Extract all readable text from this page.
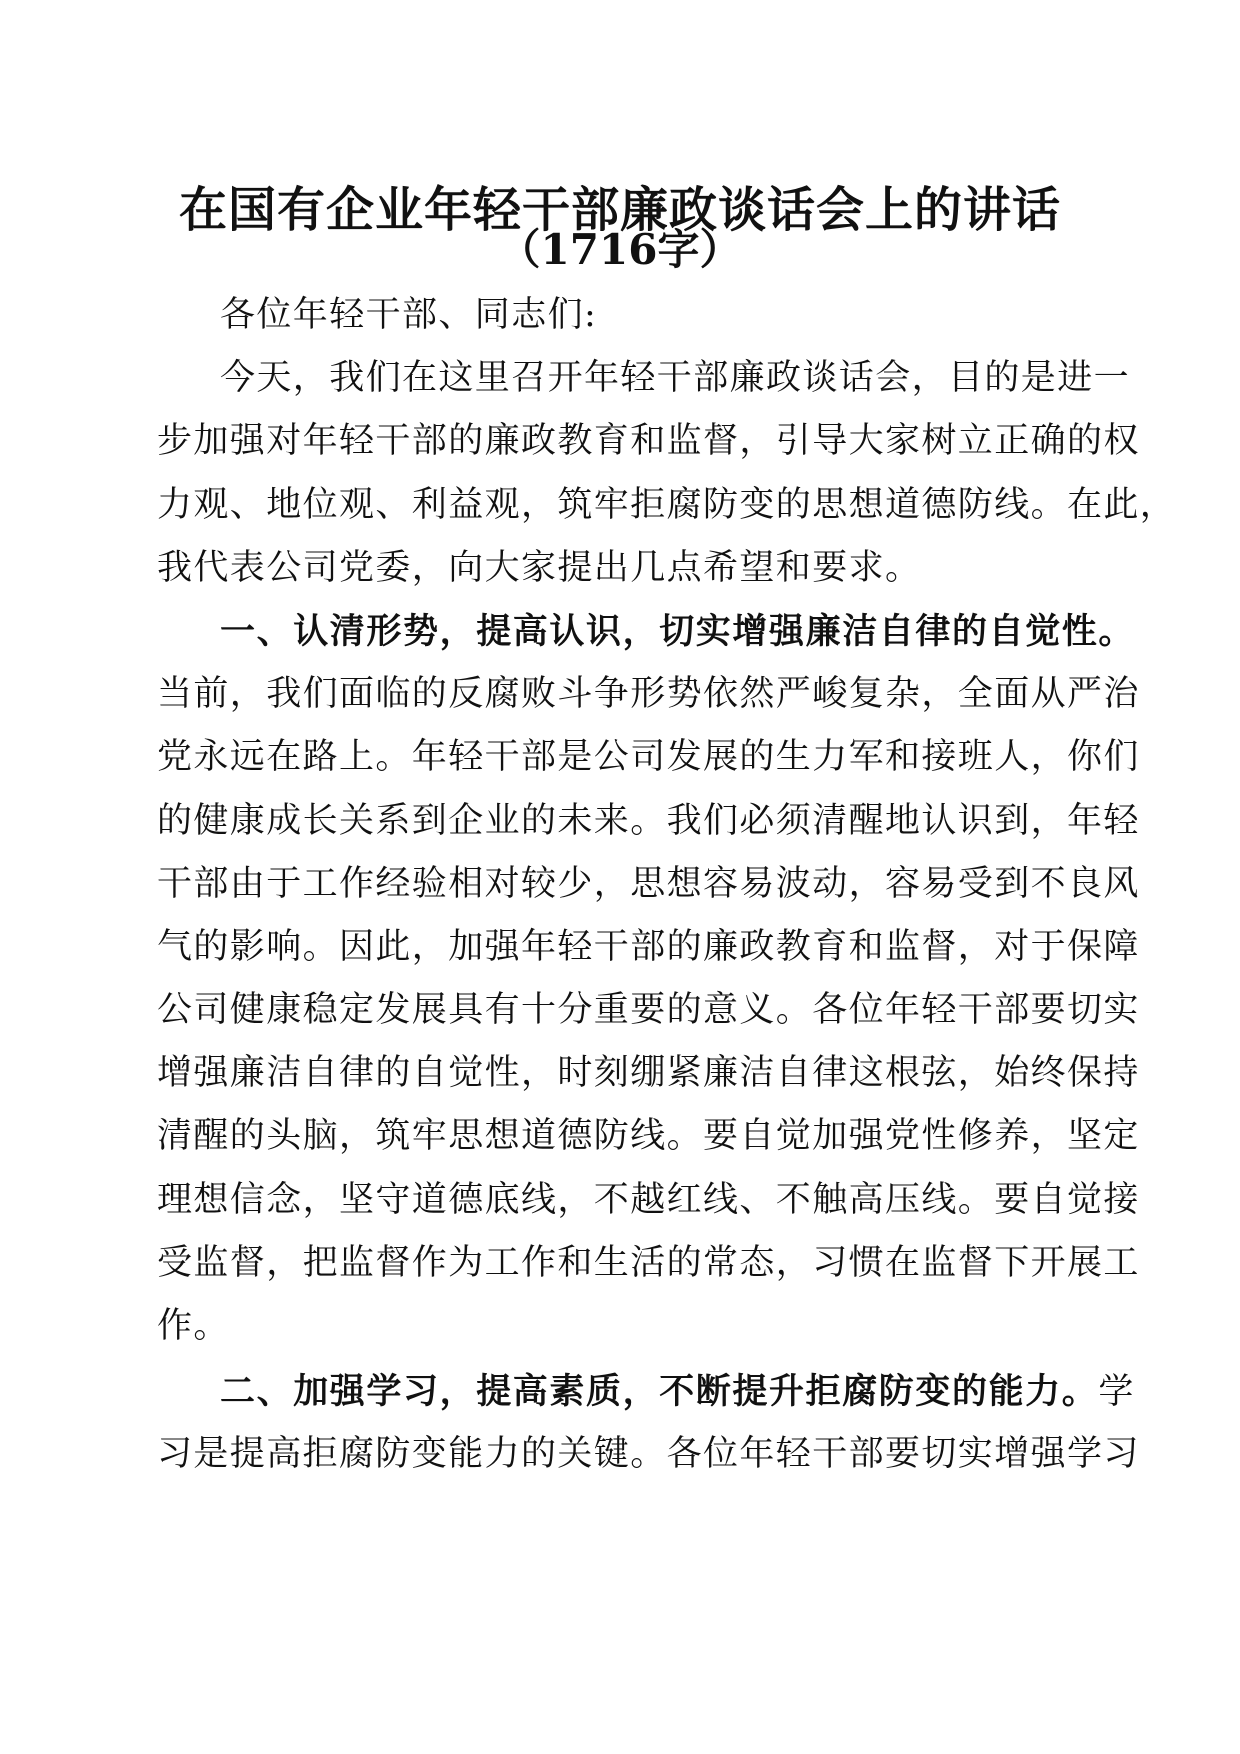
在国有企业年轻干部廉政谈话会上的讲话
（1716字）
各位年轻干部、同志们:
今天，我们在这里召开年轻干部廉政谈话会，目的是进一
步加强对年轻干部的廉政教育和监督，引导大家树立正确的权
力观、地位观、利益观，筑牢拒腐防变的思想道德防线。在此，
我代表公司党委，向大家提出几点希望和要求。
一、认清形势，提高认识，切实增强廉洁自律的自觉性。
当前，我们面临的反腐败斗争形势依然严峻复杂，全面从严治
党永远在路上。年轻干部是公司发展的生力军和接班人，你们
的健康成长关系到企业的未来。我们必须清醒地认识到，年轻
干部由于工作经验相对较少，思想容易波动，容易受到不良风
气的影响。因此，加强年轻干部的廉政教育和监督，对于保障
公司健康稳定发展具有十分重要的意义。各位年轻干部要切实
增强廉洁自律的自觉性，时刻绷紧廉洁自律这根弦，始终保持
清醒的头脑，筑牢思想道德防线。要自觉加强党性修养，坚定
理想信念，坚守道德底线，不越红线、不触高压线。要自觉接
受监督，把监督作为工作和生活的常态，习惯在监督下开展工
作。
二、加强学习，提高素质，不断提升拒腐防变的能力。学
习是提高拒腐防变能力的关键。各位年轻干部要切实增强学习
